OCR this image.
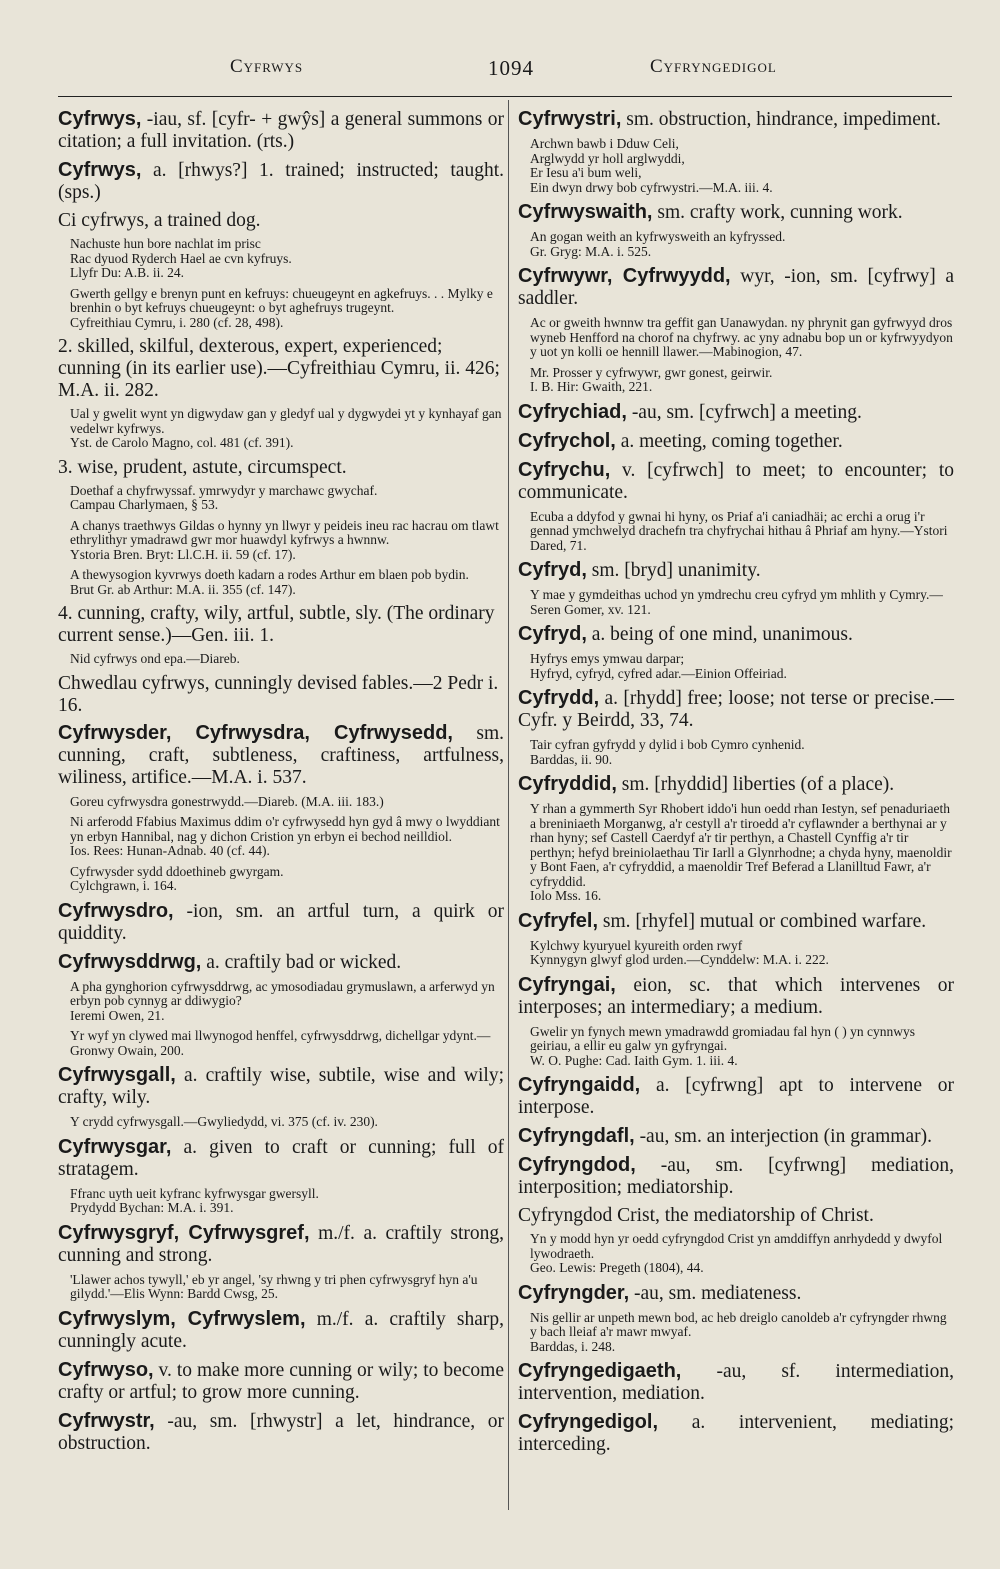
Cyfrwys	1094	Cyfryngedigol
Cyfrwys, -iau, sf. [cyfr- + gwŷs] a general summons or citation; a full invitation. (rts.)
Cyfrwys, a. [rhwys?] 1. trained; instructed; taught. (sps.)
Ci cyfrwys, a trained dog.
Nachuste hun bore nachlat im prisc
Rac dyuod Ryderch Hael ae cvn kyfruys.
Llyfr Du: A.B. ii. 24.
Gwerth gellgy e brenyn punt en kefruys: chueugeynt en agkefruys. . . Mylky e brenhin o byt kefruys chueugeynt: o byt aghefruys trugeynt.
Cyfreithiau Cymru, i. 280 (cf. 28, 498).
2. skilled, skilful, dexterous, expert, experienced; cunning (in its earlier use).—Cyfreithiau Cymru, ii. 426; M.A. ii. 282.
Ual y gwelit wynt yn digwydaw gan y gledyf ual y dygwydei yt y kynhayaf gan vedelwr kyfrwys.
Yst. de Carolo Magno, col. 481 (cf. 391).
3. wise, prudent, astute, circumspect.
Doethaf a chyfrwyssaf. ymrwydyr y marchawc gwychaf.
Campau Charlymaen, § 53.
A chanys traethwys Gildas o hynny yn llwyr y peideis ineu rac hacrau om tlawt ethrylithyr ymadrawd gwr mor huawdyl kyfrwys a hwnnw.
Ystoria Bren. Bryt: Ll.C.H. ii. 59 (cf. 17).
A thewysogion kyvrwys doeth kadarn a rodes Arthur em blaen pob bydin.
Brut Gr. ab Arthur: M.A. ii. 355 (cf. 147).
4. cunning, crafty, wily, artful, subtle, sly. (The ordinary current sense.)—Gen. iii. 1.
Nid cyfrwys ond epa.—Diareb.
Chwedlau cyfrwys, cunningly devised fables.—2 Pedr i. 16.
Cyfrwysder, Cyfrwysdra, Cyfrwysedd, sm. cunning, craft, subtleness, craftiness, artfulness, wiliness, artifice.—M.A. i. 537.
Goreu cyfrwysdra gonestrwydd.—Diareb. (M.A. iii. 183.)
Ni arferodd Ffabius Maximus ddim o'r cyfrwysedd hyn gyd â mwy o lwyddiant yn erbyn Hannibal, nag y dichon Cristion yn erbyn ei bechod neilldiol.
Ios. Rees: Hunan-Adnab. 40 (cf. 44).
Cyfrwysder sydd ddoethineb gwyrgam.
Cylchgrawn, i. 164.
Cyfrwysdro, -ion, sm. an artful turn, a quirk or quiddity.
Cyfrwysddrwg, a. craftily bad or wicked.
A pha gynghorion cyfrwysddrwg, ac ymosodiadau grymuslawn, a arferwyd yn erbyn pob cynnyg ar ddiwygio?
Ieremi Owen, 21.
Yr wyf yn clywed mai llwynogod henffel, cyfrwysddrwg, dichellgar ydynt.—Gronwy Owain, 200.
Cyfrwysgall, a. craftily wise, subtile, wise and wily; crafty, wily.
Y crydd cyfrwysgall.—Gwyliedydd, vi. 375 (cf. iv. 230).
Cyfrwysgar, a. given to craft or cunning; full of stratagem.
Ffranc uyth ueit kyfranc kyfrwysgar gwersyll.
Prydydd Bychan: M.A. i. 391.
Cyfrwysgryf, Cyfrwysgref, m./f. a. craftily strong, cunning and strong.
'Llawer achos tywyll,' eb yr angel, 'sy rhwng y tri phen cyfrwysgryf hyn a'u gilydd.'—Elis Wynn: Bardd Cwsg, 25.
Cyfrwyslym, Cyfrwyslem, m./f. a. craftily sharp, cunningly acute.
Cyfrwyso, v. to make more cunning or wily; to become crafty or artful; to grow more cunning.
Cyfrwystr, -au, sm. [rhwystr] a let, hindrance, or obstruction.
Cyfrwystri, sm. obstruction, hindrance, impediment.
Archwn bawb i Dduw Celi,
Arglwydd yr holl arglwyddi,
Er Iesu a'i bum weli,
Ein dwyn drwy bob cyfrwystri.—M.A. iii. 4.
Cyfrwyswaith, sm. crafty work, cunning work.
An gogan weith an kyfrwysweith an kyfryssed.
Gr. Gryg: M.A. i. 525.
Cyfrwywr, Cyfrwyydd, wyr, -ion, sm. [cyfrwy] a saddler.
Ac or gweith hwnnw tra geffit gan Uanawydan. ny phrynit gan gyfrwyyd dros wyneb Henfford na chorof na chyfrwy. ac yny adnabu bop un or kyfrwyydyon y uot yn kolli oe hennill llawer.—Mabinogion, 47.
Mr. Prosser y cyfrwywr, gwr gonest, geirwir.
I. B. Hir: Gwaith, 221.
Cyfrychiad, -au, sm. [cyfrwch] a meeting.
Cyfrychol, a. meeting, coming together.
Cyfrychu, v. [cyfrwch] to meet; to encounter; to communicate.
Ecuba a ddyfod y gwnai hi hyny, os Priaf a'i caniadhäi; ac erchi a orug i'r gennad ymchwelyd drachefn tra chyfrychai hithau â Phriaf am hyny.—Ystori Dared, 71.
Cyfryd, sm. [bryd] unanimity.
Y mae y gymdeithas uchod yn ymdrechu creu cyfryd ym mhlith y Cymry.—Seren Gomer, xv. 121.
Cyfryd, a. being of one mind, unanimous.
Hyfrys emys ymwau darpar;
Hyfryd, cyfryd, cyfred adar.—Einion Offeiriad.
Cyfrydd, a. [rhydd] free; loose; not terse or precise.—Cyfr. y Beirdd, 33, 74.
Tair cyfran gyfrydd y dylid i bob Cymro cynhenid.
Barddas, ii. 90.
Cyfryddid, sm. [rhyddid] liberties (of a place).
Y rhan a gymmerth Syr Rhobert iddo'i hun oedd rhan Iestyn, sef penaduriaeth a breniniaeth Morganwg, a'r cestyll a'r tiroedd a'r cyflawnder a berthynai ar y rhan hyny; sef Castell Caerdyf a'r tir perthyn, a Chastell Cynffig a'r tir perthyn; hefyd breiniolaethau Tir Iarll a Glynrhodne; a chyda hyny, maenoldir y Bont Faen, a'r cyfryddid, a maenoldir Tref Beferad a Llanilltud Fawr, a'r cyfryddid.
Iolo Mss. 16.
Cyfryfel, sm. [rhyfel] mutual or combined warfare.
Kylchwy kyuryuel kyureith orden rwyf
Kynnygyn glwyf glod urden.—Cynddelw: M.A. i. 222.
Cyfryngai, eion, sc. that which intervenes or interposes; an intermediary; a medium.
Gwelir yn fynych mewn ymadrawdd gromiadau fal hyn ( ) yn cynnwys geiriau, a ellir eu galw yn gyfryngai.
W. O. Pughe: Cad. Iaith Gym. 1. iii. 4.
Cyfryngaidd, a. [cyfrwng] apt to intervene or interpose.
Cyfryngdafl, -au, sm. an interjection (in grammar).
Cyfryngdod, -au, sm. [cyfrwng] mediation, interposition; mediatorship.
Cyfryngdod Crist, the mediatorship of Christ.
Yn y modd hyn yr oedd cyfryngdod Crist yn amddiffyn anrhydedd y dwyfol lywodraeth.
Geo. Lewis: Pregeth (1804), 44.
Cyfryngder, -au, sm. mediateness.
Nis gellir ar unpeth mewn bod, ac heb dreiglo canoldeb a'r cyfryngder rhwng y bach lleiaf a'r mawr mwyaf.
Barddas, i. 248.
Cyfryngedigaeth, -au, sf. intermediation, intervention, mediation.
Cyfryngedigol, a. intervenient, mediating; interceding.
